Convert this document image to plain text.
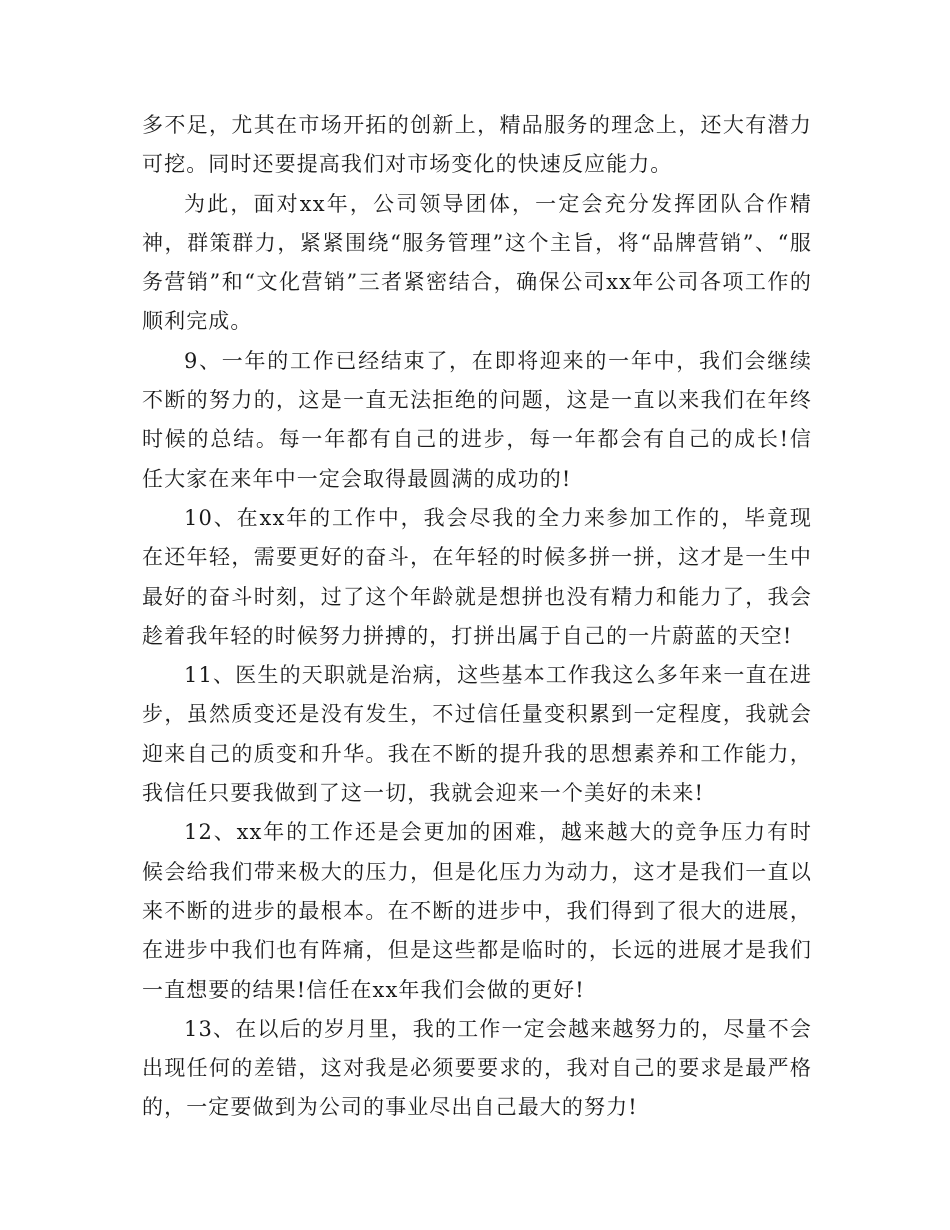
多不足，尤其在市场开拓的创新上，精品服务的理念上，还大有潜力可挖。同时还要提高我们对市场变化的快速反应能力。

为此，面对xx年，公司领导团体，一定会充分发挥团队合作精神，群策群力，紧紧围绕“服务管理”这个主旨，将“品牌营销”、“服务营销”和“文化营销”三者紧密结合，确保公司xx年公司各项工作的顺利完成。

9、一年的工作已经结束了，在即将迎来的一年中，我们会继续不断的努力的，这是一直无法拒绝的问题，这是一直以来我们在年终时候的总结。每一年都有自己的进步，每一年都会有自己的成长!信任大家在来年中一定会取得最圆满的成功的!

10、在xx年的工作中，我会尽我的全力来参加工作的，毕竟现在还年轻，需要更好的奋斗，在年轻的时候多拼一拼，这才是一生中最好的奋斗时刻，过了这个年龄就是想拼也没有精力和能力了，我会趁着我年轻的时候努力拼搏的，打拼出属于自己的一片蔚蓝的天空!

11、医生的天职就是治病，这些基本工作我这么多年来一直在进步，虽然质变还是没有发生，不过信任量变积累到一定程度，我就会迎来自己的质变和升华。我在不断的提升我的思想素养和工作能力，我信任只要我做到了这一切，我就会迎来一个美好的未来!

12、xx年的工作还是会更加的困难，越来越大的竞争压力有时候会给我们带来极大的压力，但是化压力为动力，这才是我们一直以来不断的进步的最根本。在不断的进步中，我们得到了很大的进展，在进步中我们也有阵痛，但是这些都是临时的，长远的进展才是我们一直想要的结果!信任在xx年我们会做的更好!

13、在以后的岁月里，我的工作一定会越来越努力的，尽量不会出现任何的差错，这对我是必须要要求的，我对自己的要求是最严格的，一定要做到为公司的事业尽出自己最大的努力!
